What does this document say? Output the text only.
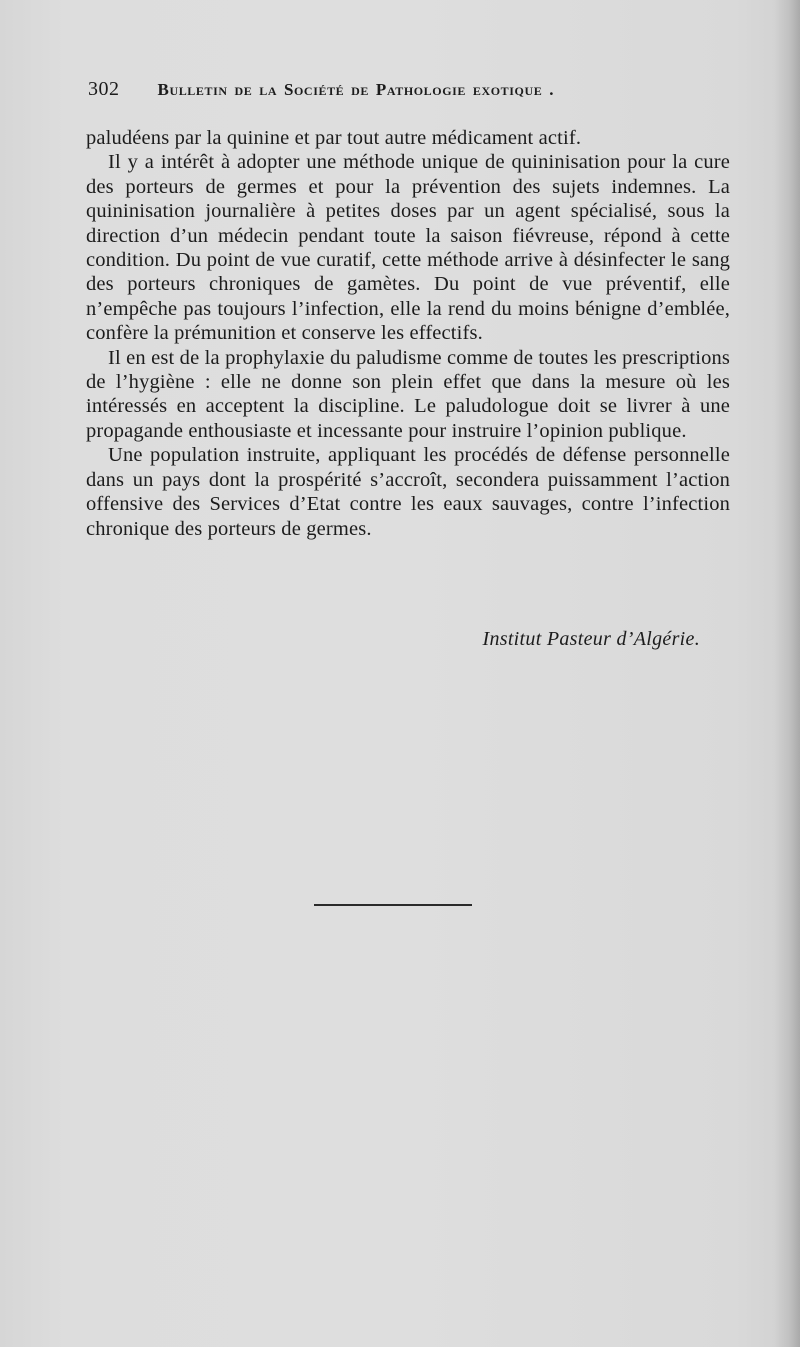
302 Bulletin de la Société de Pathologie exotique .

paludéens par la quinine et par tout autre médicament actif.

Il y a intérêt à adopter une méthode unique de quininisation pour la cure des porteurs de germes et pour la prévention des sujets indemnes. La quininisation journalière à petites doses par un agent spécialisé, sous la direction d’un médecin pendant toute la saison fiévreuse, répond à cette condition. Du point de vue curatif, cette méthode arrive à désinfecter le sang des porteurs chroniques de gamètes. Du point de vue préventif, elle n’empêche pas toujours l’infection, elle la rend du moins bénigne d’emblée, confère la prémunition et conserve les effectifs.

Il en est de la prophylaxie du paludisme comme de toutes les prescriptions de l’hygiène : elle ne donne son plein effet que dans la mesure où les intéressés en acceptent la discipline. Le paludologue doit se livrer à une propagande enthousiaste et incessante pour instruire l’opinion publique.

Une population instruite, appliquant les procédés de défense personnelle dans un pays dont la prospérité s’accroît, secondera puissamment l’action offensive des Services d’Etat contre les eaux sauvages, contre l’infection chronique des porteurs de germes.

Institut Pasteur d’Algérie.
